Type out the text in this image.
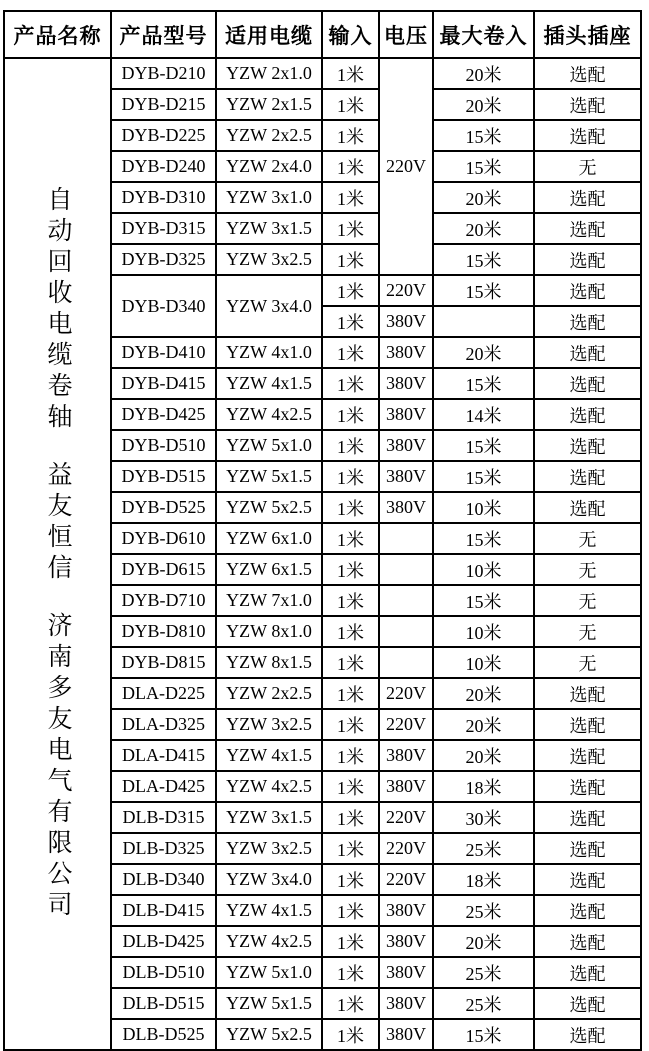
产品名称	产品型号	适用电缆	输入	电压	最大卷入	插头插座

自动回收电缆卷轴
益友恒信
济南多友电气有限公司	DYB-D210	YZW 2x1.0	1米	220V	20米	选配
	DYB-D215	YZW 2x1.5	1米		20米	选配
	DYB-D225	YZW 2x2.5	1米		15米	选配
	DYB-D240	YZW 2x4.0	1米		15米	无
	DYB-D310	YZW 3x1.0	1米		20米	选配
	DYB-D315	YZW 3x1.5	1米		20米	选配
	DYB-D325	YZW 3x2.5	1米		15米	选配
	DYB-D340	YZW 3x4.0	1米	220V	15米	选配
			1米	380V		选配
	DYB-D410	YZW 4x1.0	1米	380V	20米	选配
	DYB-D415	YZW 4x1.5	1米	380V	15米	选配
	DYB-D425	YZW 4x2.5	1米	380V	14米	选配
	DYB-D510	YZW 5x1.0	1米	380V	15米	选配
	DYB-D515	YZW 5x1.5	1米	380V	15米	选配
	DYB-D525	YZW 5x2.5	1米	380V	10米	选配
	DYB-D610	YZW 6x1.0	1米		15米	无
	DYB-D615	YZW 6x1.5	1米		10米	无
	DYB-D710	YZW 7x1.0	1米		15米	无
	DYB-D810	YZW 8x1.0	1米		10米	无
	DYB-D815	YZW 8x1.5	1米		10米	无
	DLA-D225	YZW 2x2.5	1米	220V	20米	选配
	DLA-D325	YZW 3x2.5	1米	220V	20米	选配
	DLA-D415	YZW 4x1.5	1米	380V	20米	选配
	DLA-D425	YZW 4x2.5	1米	380V	18米	选配
	DLB-D315	YZW 3x1.5	1米	220V	30米	选配
	DLB-D325	YZW 3x2.5	1米	220V	25米	选配
	DLB-D340	YZW 3x4.0	1米	220V	18米	选配
	DLB-D415	YZW 4x1.5	1米	380V	25米	选配
	DLB-D425	YZW 4x2.5	1米	380V	20米	选配
	DLB-D510	YZW 5x1.0	1米	380V	25米	选配
	DLB-D515	YZW 5x1.5	1米	380V	25米	选配
	DLB-D525	YZW 5x2.5	1米	380V	15米	选配
